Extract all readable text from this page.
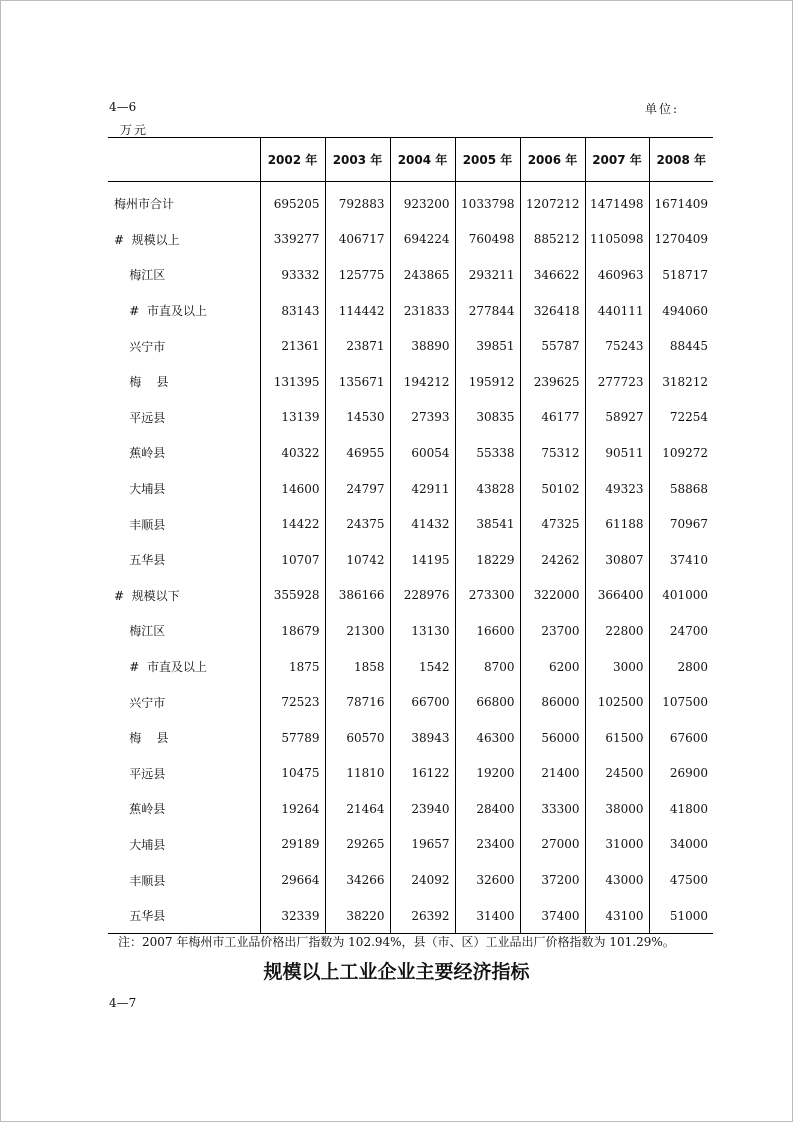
4—6	单位:
万元
	2002 年	2003 年	2004 年	2005 年	2006 年	2007 年	2008 年
梅州市合计	695205	792883	923200	1033798	1207212	1471498	1671409
#  规模以上	339277	406717	694224	760498	885212	1105098	1270409
梅江区	93332	125775	243865	293211	346622	460963	518717
#  市直及以上	83143	114442	231833	277844	326418	440111	494060
兴宁市	21361	23871	38890	39851	55787	75243	88445
梅    县	131395	135671	194212	195912	239625	277723	318212
平远县	13139	14530	27393	30835	46177	58927	72254
蕉岭县	40322	46955	60054	55338	75312	90511	109272
大埔县	14600	24797	42911	43828	50102	49323	58868
丰顺县	14422	24375	41432	38541	47325	61188	70967
五华县	10707	10742	14195	18229	24262	30807	37410
#  规模以下	355928	386166	228976	273300	322000	366400	401000
梅江区	18679	21300	13130	16600	23700	22800	24700
#  市直及以上	1875	1858	1542	8700	6200	3000	2800
兴宁市	72523	78716	66700	66800	86000	102500	107500
梅    县	57789	60570	38943	46300	56000	61500	67600
平远县	10475	11810	16122	19200	21400	24500	26900
蕉岭县	19264	21464	23940	28400	33300	38000	41800
大埔县	29189	29265	19657	23400	27000	31000	34000
丰顺县	29664	34266	24092	32600	37200	43000	47500
五华县	32339	38220	26392	31400	37400	43100	51000
注：2007 年梅州市工业品价格出厂指数为 102.94%，县（市、区）工业品出厂价格指数为 101.29%。
规模以上工业企业主要经济指标
4—7
